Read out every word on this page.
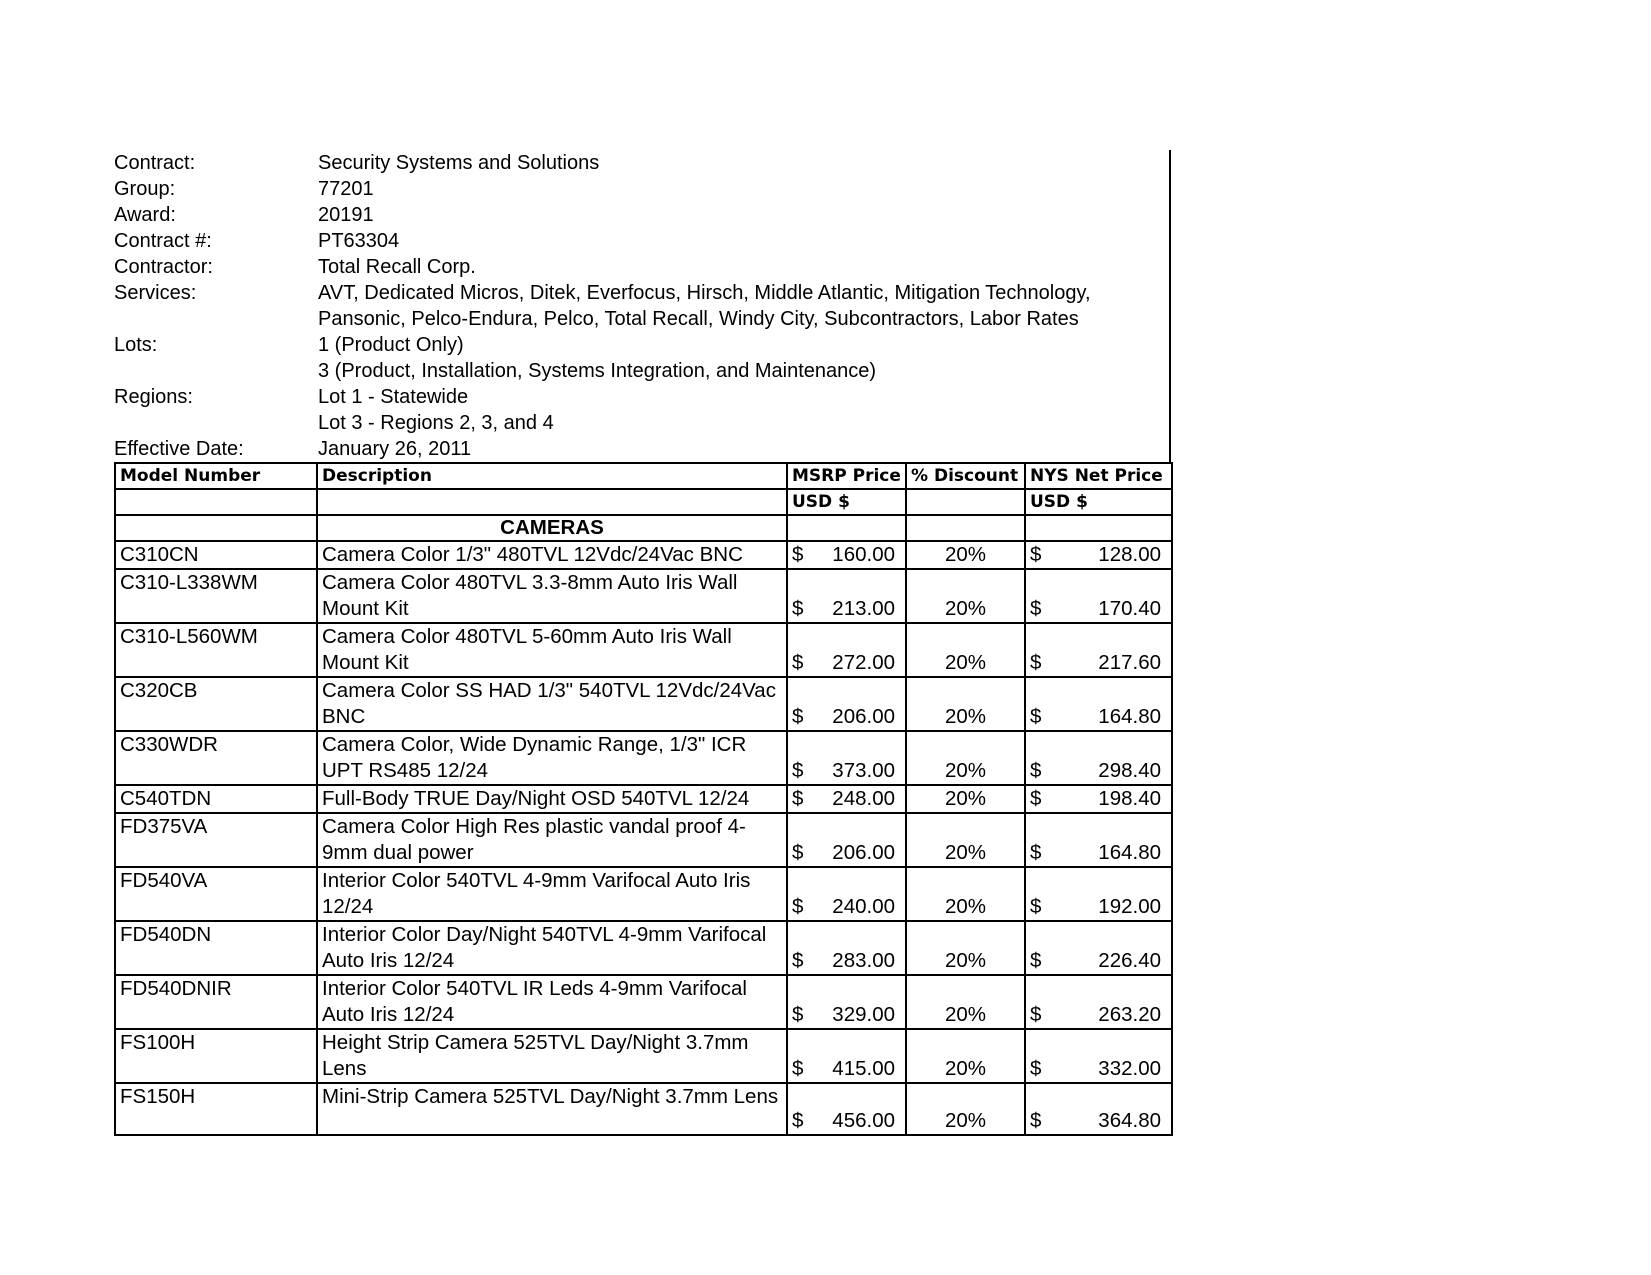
Contract:	Security Systems and Solutions
Group:	77201
Award:	20191
Contract #:	PT63304
Contractor:	Total Recall Corp.
Services:	AVT, Dedicated Micros, Ditek, Everfocus, Hirsch, Middle Atlantic, Mitigation Technology,
Pansonic, Pelco-Endura, Pelco, Total Recall, Windy City, Subcontractors, Labor Rates
Lots:	1 (Product Only)
3 (Product, Installation, Systems Integration, and Maintenance)
Regions:	Lot 1 - Statewide
Lot 3 - Regions 2, 3, and 4
Effective Date:	January 26, 2011
Model Number	Description	MSRP Price	% Discount	NYS Net Price
		USD $		USD $
	CAMERAS			
C310CN	Camera Color 1/3" 480TVL 12Vdc/24Vac BNC	$ 160.00	20%	$ 128.00

C310-L338WM	Camera Color 480TVL 3.3-8mm Auto Iris Wall Mount Kit	$ 213.00	20%	$ 170.40

C310-L560WM	Camera Color 480TVL 5-60mm Auto Iris Wall Mount Kit	$ 272.00	20%	$ 217.60

C320CB	Camera Color SS HAD 1/3" 540TVL 12Vdc/24Vac BNC	$ 206.00	20%	$ 164.80

C330WDR	Camera Color, Wide Dynamic Range, 1/3" ICR UPT RS485 12/24	$ 373.00	20%	$ 298.40

C540TDN	Full-Body TRUE Day/Night OSD 540TVL 12/24	$ 248.00	20%	$ 198.40

FD375VA	Camera Color High Res plastic vandal proof 4-9mm dual power	$ 206.00	20%	$ 164.80

FD540VA	Interior Color 540TVL 4-9mm Varifocal Auto Iris 12/24	$ 240.00	20%	$ 192.00

FD540DN	Interior Color Day/Night 540TVL 4-9mm Varifocal Auto Iris 12/24	$ 283.00	20%	$ 226.40

FD540DNIR	Interior Color 540TVL IR Leds 4-9mm Varifocal Auto Iris 12/24	$ 329.00	20%	$ 263.20

FS100H	Height Strip Camera 525TVL Day/Night 3.7mm Lens	$ 415.00	20%	$ 332.00

FS150H	Mini-Strip Camera 525TVL Day/Night 3.7mm Lens	$ 456.00	20%	$ 364.80
